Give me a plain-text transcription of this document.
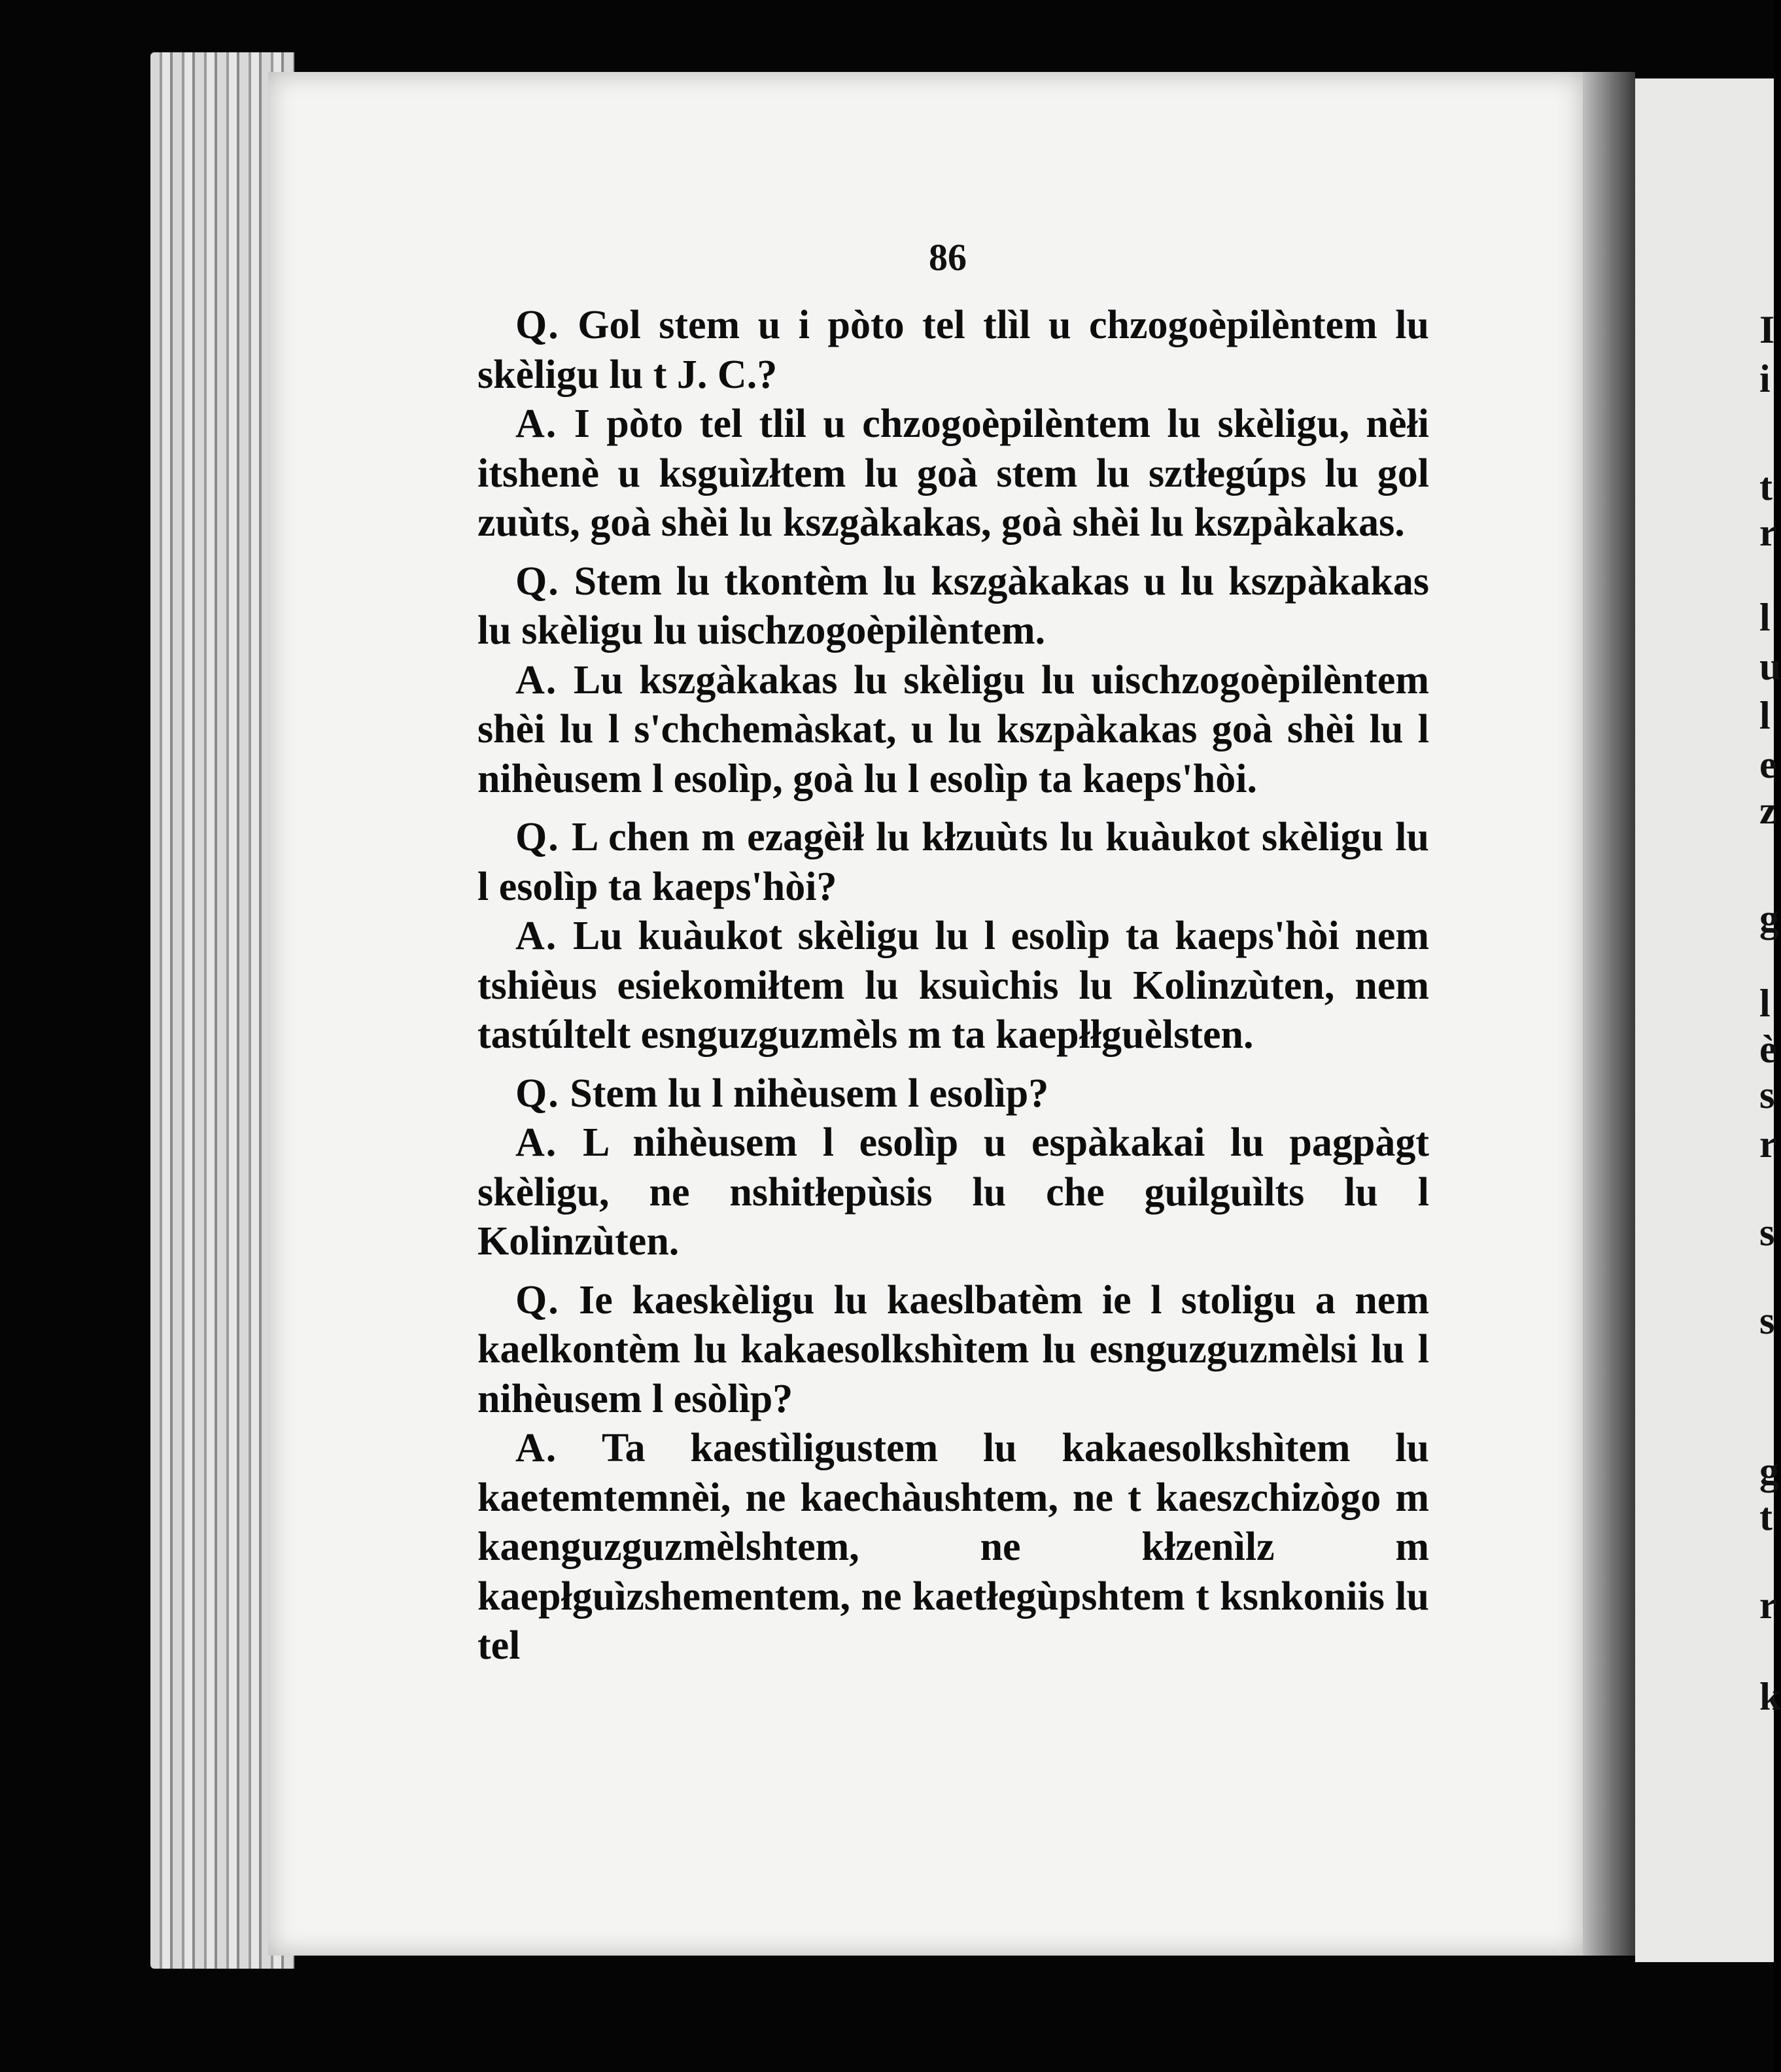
I
i
t
r
l
u
l
e
z
g
l
è
s
r
s
s
g
t
r
k
86

Q. Gol stem u i pòto tel tlìl u chzogoèpilèntem lu skèligu lu t J. C.?

A. I pòto tel tlil u chzogoèpilèntem lu skèligu, nèłi itshenè u ksguìzłtem lu goà stem lu sztłegúps lu gol zuùts, goà shèi lu kszgàkakas, goà shèi lu kszpàkakas.

Q. Stem lu tkontèm lu kszgàkakas u lu kszpàkakas lu skèligu lu uischzogoèpilèntem.

A. Lu kszgàkakas lu skèligu lu uischzogoèpilèntem shèi lu l s'chchemàskat, u lu kszpàkakas goà shèi lu l nihèusem l esolìp, goà lu l esolìp ta kaeps'hòi.

Q. L chen m ezagèił lu kłzuùts lu kuàukot skèligu lu l esolìp ta kaeps'hòi?

A. Lu kuàukot skèligu lu l esolìp ta kaeps'hòi nem tshièus esiekomiłtem lu ksuìchis lu Kolinzùten, nem tastúltelt esnguzguzmèls m ta kaepłłguèlsten.

Q. Stem lu l nihèusem l esolìp?

A. L nihèusem l esolìp u espàkakai lu pagpàgt skèligu, ne nshitłepùsis lu che guilguìlts lu l Kolinzùten.

Q. Ie kaeskèligu lu kaeslbatèm ie l stoligu a nem kaelkontèm lu kakaesolkshìtem lu esnguzguzmèlsi lu l nihèusem l esòlìp?

A. Ta kaestìligustem lu kakaesolkshìtem lu kaetemtemnèi, ne kaechàushtem, ne t kaeszchizògo m kaenguzguzmèlshtem, ne kłzenìlz m kaepłguìzshementem, ne kaetłegùpshtem t ksnkoniis lu tel
